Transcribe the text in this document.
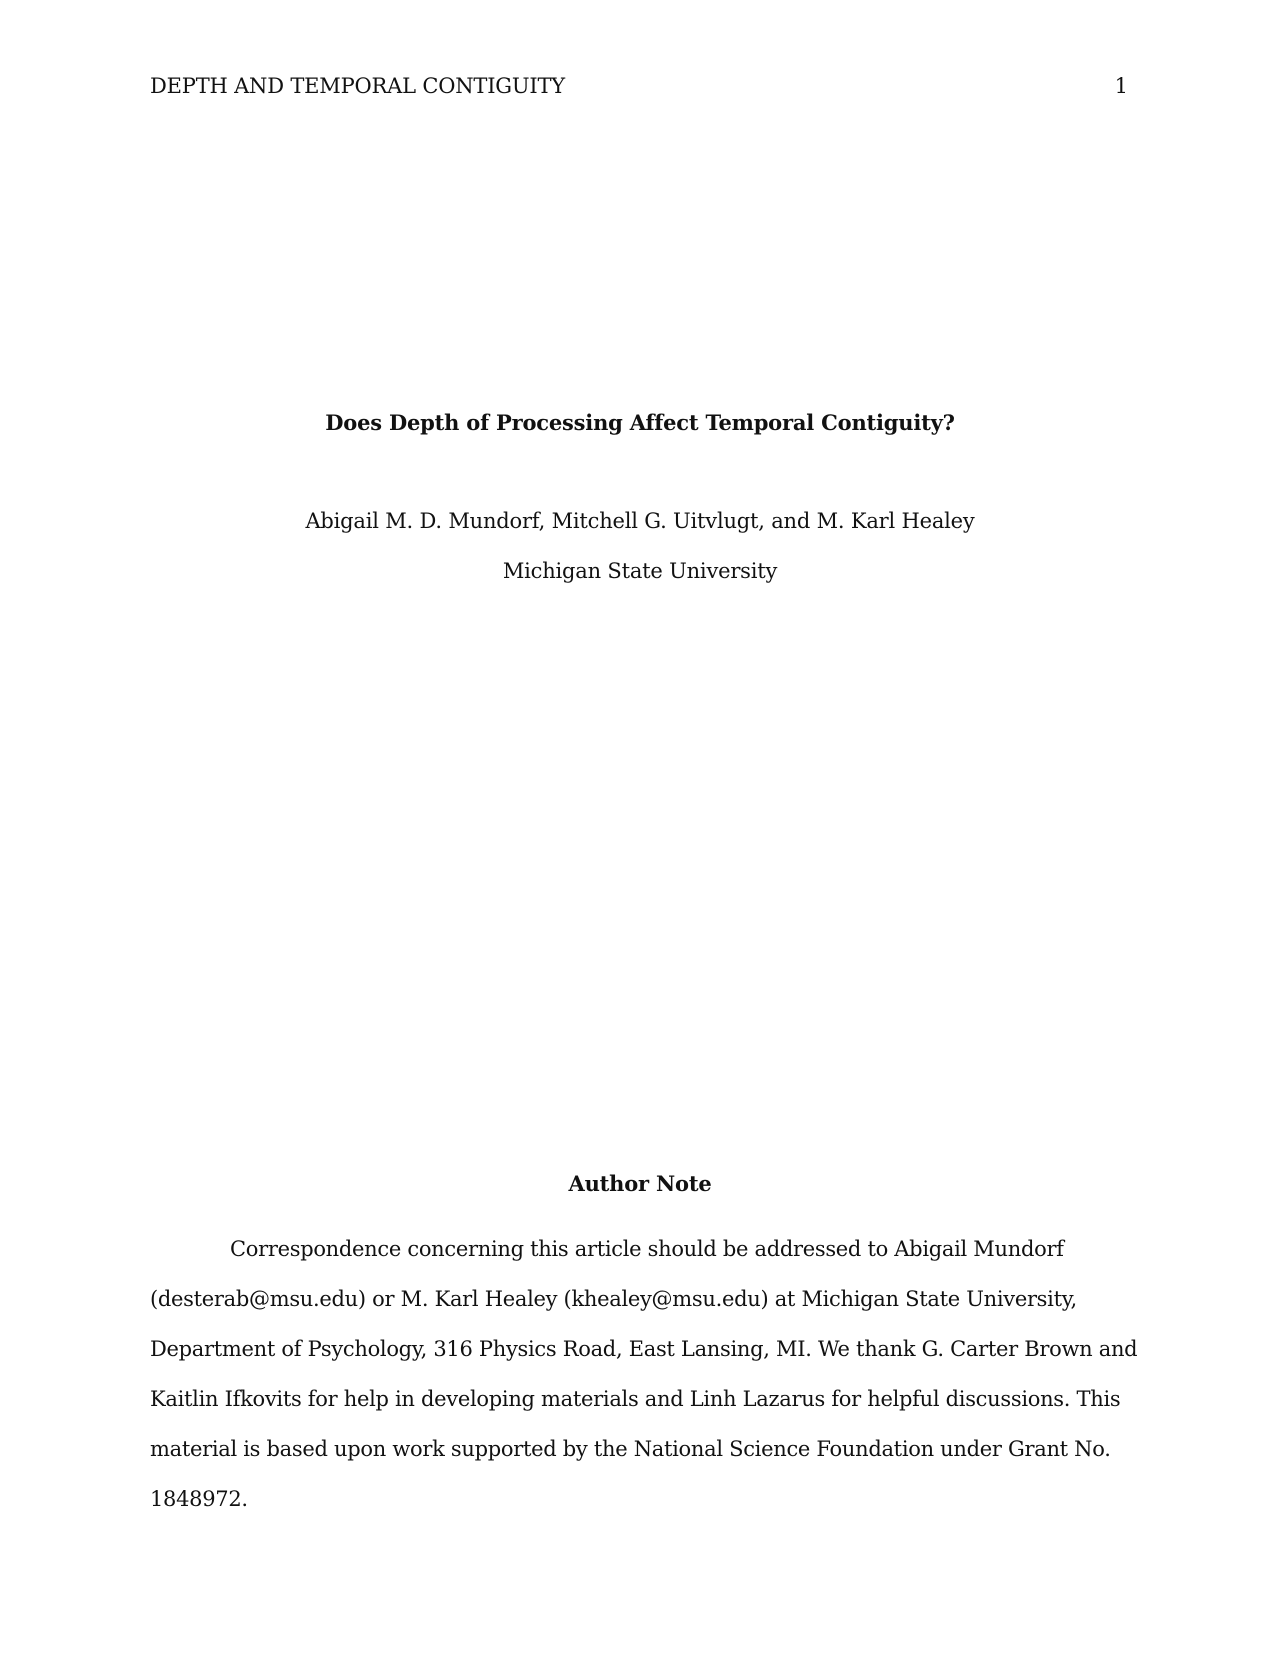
DEPTH AND TEMPORAL CONTIGUITY	1
Does Depth of Processing Affect Temporal Contiguity?
Abigail M. D. Mundorf, Mitchell G. Uitvlugt, and M. Karl Healey
Michigan State University
Author Note
Correspondence concerning this article should be addressed to Abigail Mundorf
(desterab@msu.edu) or M. Karl Healey (khealey@msu.edu) at Michigan State University,
Department of Psychology, 316 Physics Road, East Lansing, MI. We thank G. Carter Brown and
Kaitlin Ifkovits for help in developing materials and Linh Lazarus for helpful discussions. This
material is based upon work supported by the National Science Foundation under Grant No.
1848972.
